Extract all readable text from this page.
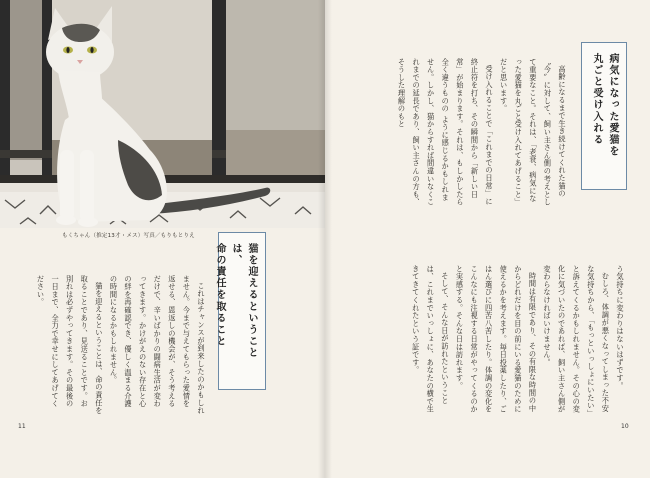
もくちゃん（推定13才・メス）写真／もりもとりえ
猫を迎えるということは、
命の責任を取ること

これはチャンスが到来したのかもしれません。今まで与えてもらった愛情を返せる、恩返しの機会が、そう考えるだけで、辛いばかりの闘病生活が変わってきます。かけがえのない存在と心の絆を再確認でき、優しく温まる介護の時間になるかもしれません。

猫を迎えるということは、命の責任を取ることであり、見送ることです。お別れは必ずやってきます。その最後の一日まで、全力で幸せにしてあげてください。

11
病気になった愛猫を
丸ごと受け入れる

高齢になるまで生き続けてくれた猫の〝今〟に対して、飼い主さん側の考えとして重要なこと。それは、「老衰、病気になった愛猫を丸ごと受け入れてあげること」だと思います。

受け入れることで「これまでの日常」に終止符を打ち、その瞬間から「新しい日常」が始まります。それは、もしかしたら全く違うものの ように感じるかもしれません。しかし、猫からすれば間違いなくこれまでの延長であり、飼い主さんの方も、そうした理解のもと

う気持ちに変わりはないはずです。

むしろ、体調が悪くなってしまった不安な気持ちから、「もっといっしょにいたい」と訴えてくるかもしれません。その心の変化に気づいたのであれば、飼い主さん側が変わらなければいけません。

時間は有限であり、その有限な時間の中からどれだけを目の前にいる愛猫のために使えるかを考えます。毎日投薬したり、ごはん選びに四苦八苦したり。体調の変化をこんなにも注視する日常がやってくるのかと実感する。そんな日は訪れます。

そして、そんな日が訪れたということは、これまでいっしょに、あなたの横で生きてきてくれたという証です。

10
